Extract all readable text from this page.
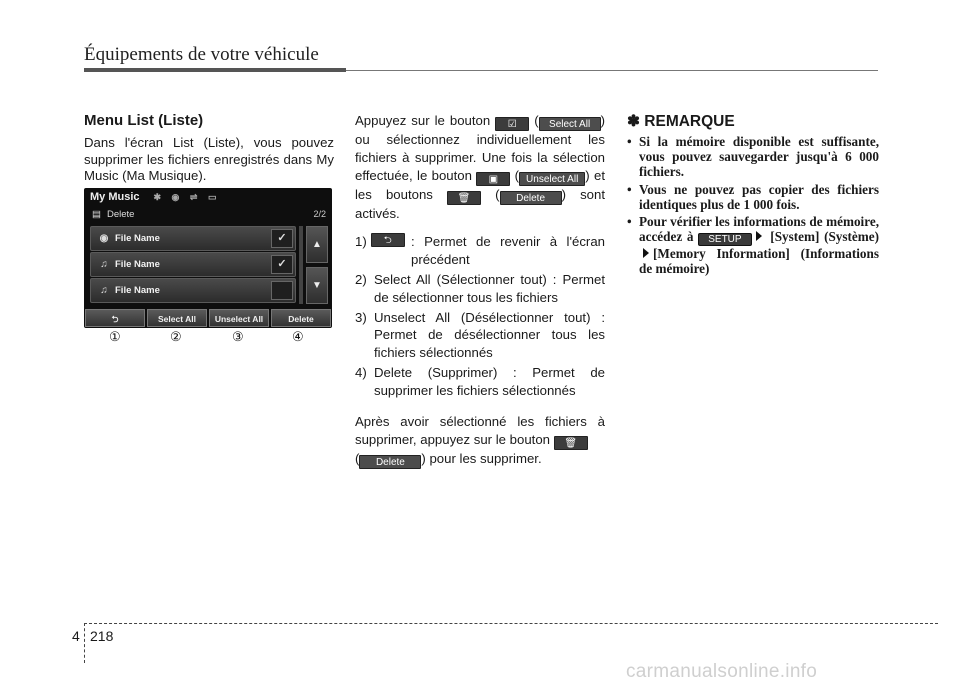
Équipements de votre véhicule
Menu List (Liste)
Dans l'écran List (Liste), vous pouvez supprimer les fichiers enregistrés dans My Music (Ma Musique).
My Music ✱ ◉ ⇌ ▭
▤ Delete	2/2
◉ File Name	✓
♫ File Name	✓
♫ File Name
▲
▼
⮌	Select All	Unselect All	Delete
①	②	③	④
Appuyez sur le bouton ☑ ( Select All ) ou sélectionnez individuellement les fichiers à supprimer. Une fois la sélection effectuée, le bouton ▣ ( Unselect All ) et les boutons 🗑 ( Delete ) sont activés.
1)	⮌	: Permet de revenir à l'écran précédent
2) Select All (Sélectionner tout) : Permet de sélectionner tous les fichiers
3) Unselect All (Désélectionner tout) : Permet de désélectionner tous les fichiers sélectionnés
4) Delete (Supprimer) : Permet de supprimer les fichiers sélectionnés
Après avoir sélectionné les fichiers à supprimer, appuyez sur le bouton 🗑
( Delete ) pour les supprimer.
✽ REMARQUE
• Si la mémoire disponible est suffisante, vous pouvez sauvegarder jusqu'à 6 000 fichiers.
• Vous ne pouvez pas copier des fichiers identiques plus de 1 000 fois.
• Pour vérifier les informations de mémoire, accédez à SETUP [System] (Système)[Memory Information] (Informations de mémoire)
4 218
carmanualsonline.info
